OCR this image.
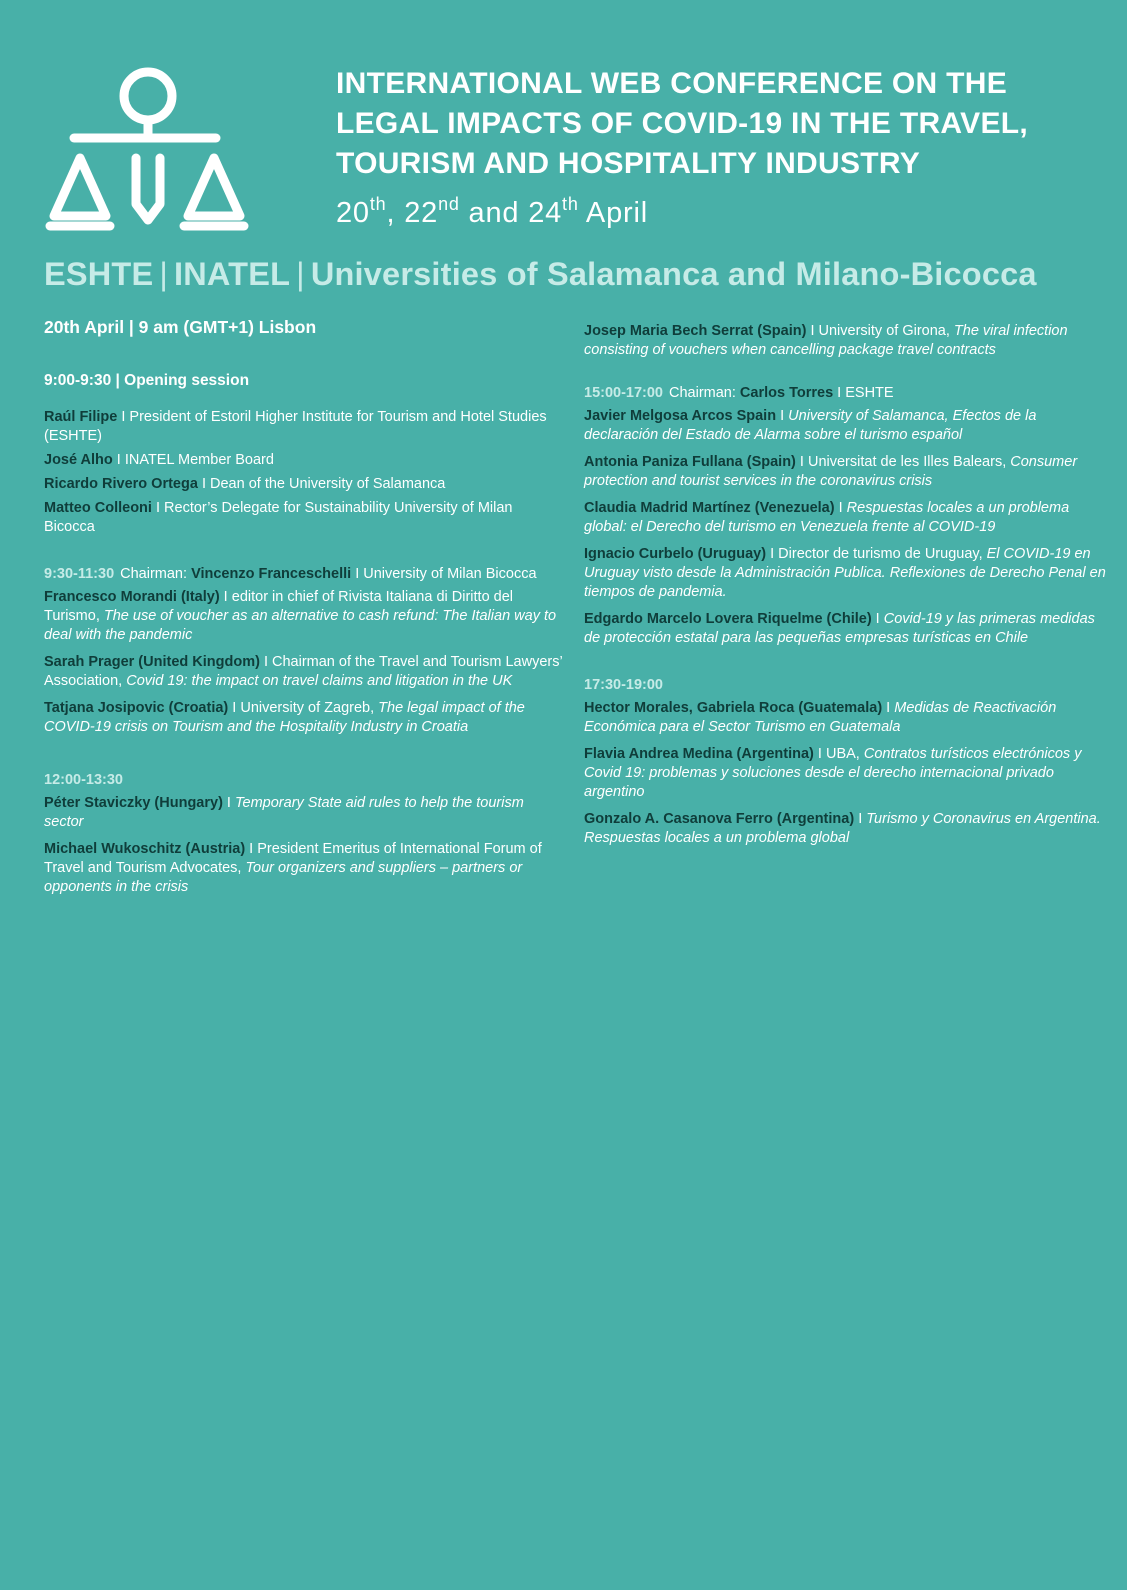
INTERNATIONAL WEB CONFERENCE ON THE
LEGAL IMPACTS OF COVID-19 IN THE TRAVEL,
TOURISM AND HOSPITALITY INDUSTRY

20th, 22nd and 24th April

ESHTE | INATEL | Universities of Salamanca and Milano-Bicocca

20th April | 9 am (GMT+1) Lisbon

9:00-9:30 | Opening session

Raúl Filipe I President of Estoril Higher Institute for Tourism and Hotel Studies (ESHTE)

José Alho I INATEL Member Board

Ricardo Rivero Ortega I Dean of the University of Salamanca

Matteo Colleoni I Rector’s Delegate for Sustainability University of Milan Bicocca

9:30-11:30 Chairman: Vincenzo Franceschelli I University of Milan Bicocca

Francesco Morandi (Italy) I editor in chief of Rivista Italiana di Diritto del Turismo, The use of voucher as an alternative to cash refund: The Italian way to deal with the pandemic

Sarah Prager (United Kingdom) I Chairman of the Travel and Tourism Lawyers’ Association, Covid 19: the impact on travel claims and litigation in the UK

Tatjana Josipovic (Croatia) I University of Zagreb, The legal impact of the COVID-19 crisis on Tourism and the Hospitality Industry in Croatia

12:00-13:30

Péter Staviczky (Hungary) I Temporary State aid rules to help the tourism sector

Michael Wukoschitz (Austria) I President Emeritus of International Forum of Travel and Tourism Advocates, Tour organizers and suppliers – partners or opponents in the crisis

Josep Maria Bech Serrat (Spain) I University of Girona, The viral infection consisting of vouchers when cancelling package travel contracts

15:00-17:00 Chairman: Carlos Torres I ESHTE

Javier Melgosa Arcos Spain I University of Salamanca, Efectos de la declaración del Estado de Alarma sobre el turismo español

Antonia Paniza Fullana (Spain) I Universitat de les Illes Balears, Consumer protection and tourist services in the coronavirus crisis

Claudia Madrid Martínez (Venezuela) I Respuestas locales a un problema global: el Derecho del turismo en Venezuela frente al COVID-19

Ignacio Curbelo (Uruguay) I Director de turismo de Uruguay, El COVID-19 en Uruguay visto desde la Administración Publica. Reflexiones de Derecho Penal en tiempos de pandemia.

Edgardo Marcelo Lovera Riquelme (Chile) I Covid-19 y las primeras medidas de protección estatal para las pequeñas empresas turísticas en Chile

17:30-19:00

Hector Morales, Gabriela Roca (Guatemala) I Medidas de Reactivación Económica para el Sector Turismo en Guatemala

Flavia Andrea Medina (Argentina) I UBA, Contratos turísticos electrónicos y Covid 19: problemas y soluciones desde el derecho internacional privado argentino

Gonzalo A. Casanova Ferro (Argentina) I Turismo y Coronavirus en Argentina. Respuestas locales a un problema global
